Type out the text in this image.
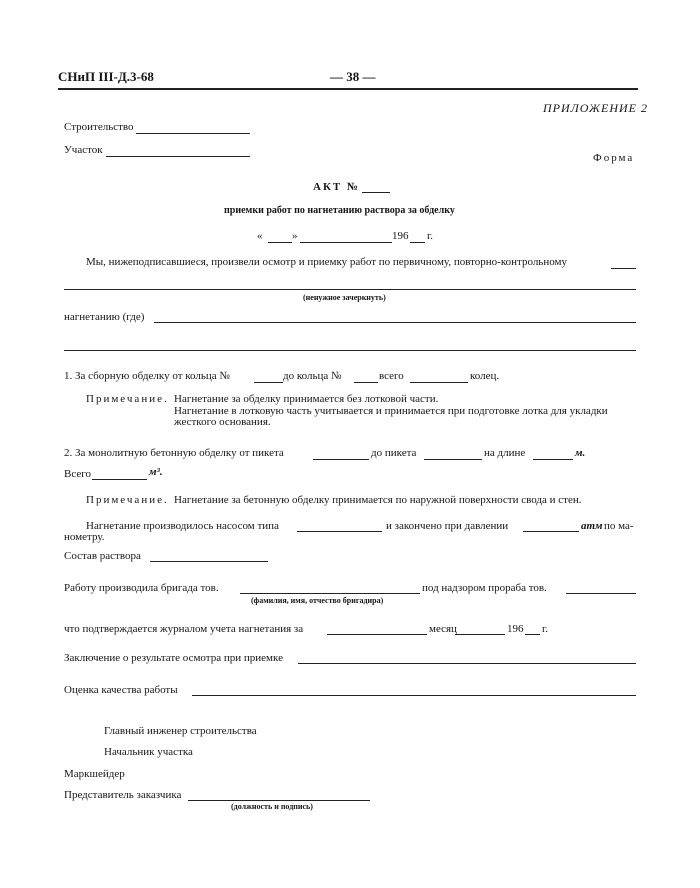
СНиП III-Д.3-68	— 38 —
ПРИЛОЖЕНИЕ 2
Строительство
Участок
Форма
АКТ №
приемки работ по нагнетанию раствора за обделку
«	»	196 г.
Мы, нижеподписавшиеся, произвели осмотр и приемку работ по первичному, повторно-контрольному
(ненужное зачеркнуть)
нагнетанию (где)
1. За сборную обделку от кольца №	до кольца №	всего	колец.
Примечание. Нагнетание за обделку принимается без лотковой части.
Нагнетание в лотковую часть учитывается и принимается при подготовке лотка для укладки
жесткого основания.
2. За монолитную бетонную обделку от пикета	до пикета	на длине	м.
Всего	м³.
Примечание. Нагнетание за бетонную обделку принимается по наружной поверхности свода и стен.
Нагнетание производилось насосом типа	и закончено при давлении	атм по ма-
нометру.
Состав раствора
Работу производила бригада тов.	под надзором прораба тов.
(фамилия, имя, отчество бригадира)
что подтверждается журналом учета нагнетания за	месяц	196 г.
Заключение о результате осмотра при приемке
Оценка качества работы
Главный инженер строительства
Начальник участка
Маркшейдер
Представитель заказчика
(должность и подпись)
